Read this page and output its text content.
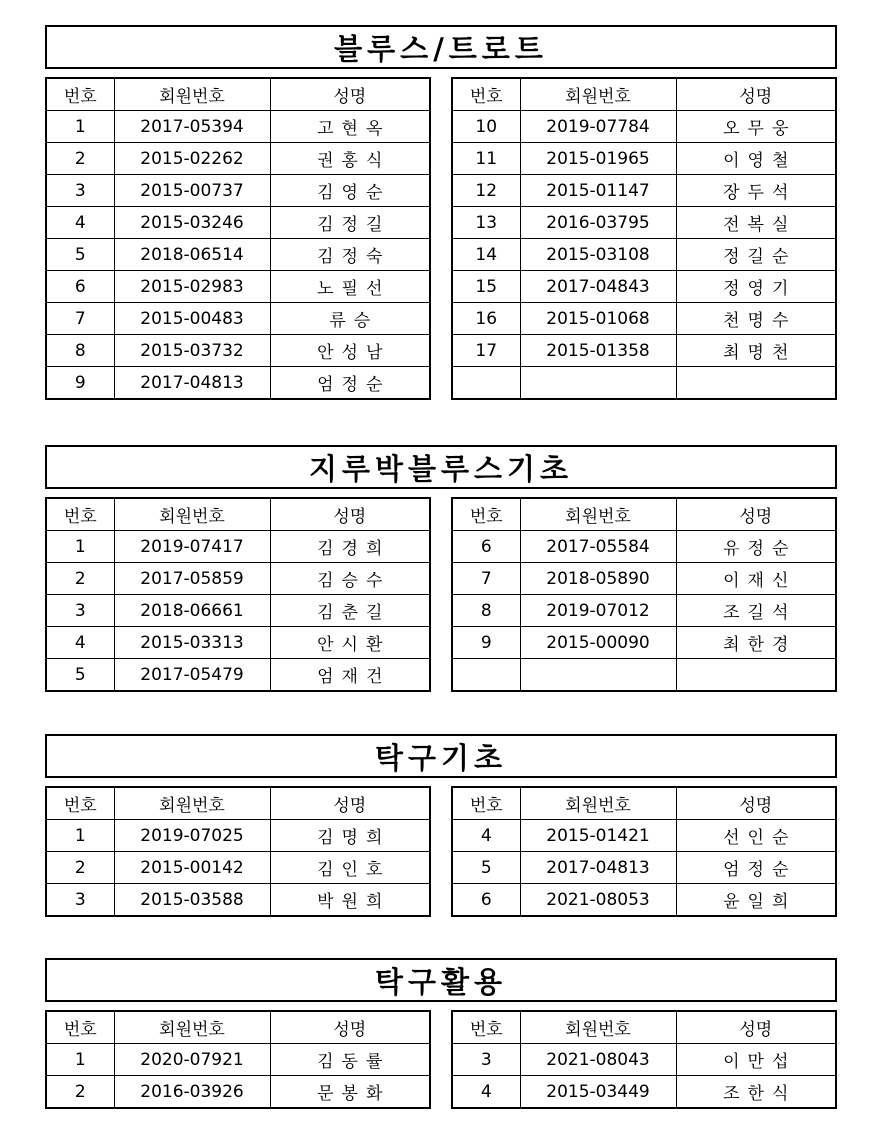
블루스/트로트
번호	회원번호	성명
1	2017-05394	고현옥
2	2015-02262	권홍식
3	2015-00737	김영순
4	2015-03246	김정길
5	2018-06514	김정숙
6	2015-02983	노필선
7	2015-00483	류승
8	2015-03732	안성남
9	2017-04813	엄정순
번호	회원번호	성명
10	2019-07784	오무웅
11	2015-01965	이영철
12	2015-01147	장두석
13	2016-03795	전복실
14	2015-03108	정길순
15	2017-04843	정영기
16	2015-01068	천명수
17	2015-01358	최명천

지루박블루스기초
번호	회원번호	성명
1	2019-07417	김경희
2	2017-05859	김승수
3	2018-06661	김춘길
4	2015-03313	안시환
5	2017-05479	엄재건
번호	회원번호	성명
6	2017-05584	유정순
7	2018-05890	이재신
8	2019-07012	조길석
9	2015-00090	최한경

탁구기초
번호	회원번호	성명
1	2019-07025	김명희
2	2015-00142	김인호
3	2015-03588	박원희
번호	회원번호	성명
4	2015-01421	선인순
5	2017-04813	엄정순
6	2021-08053	윤일희
탁구활용
번호	회원번호	성명
1	2020-07921	김동률
2	2016-03926	문봉화
번호	회원번호	성명
3	2021-08043	이만섭
4	2015-03449	조한식
